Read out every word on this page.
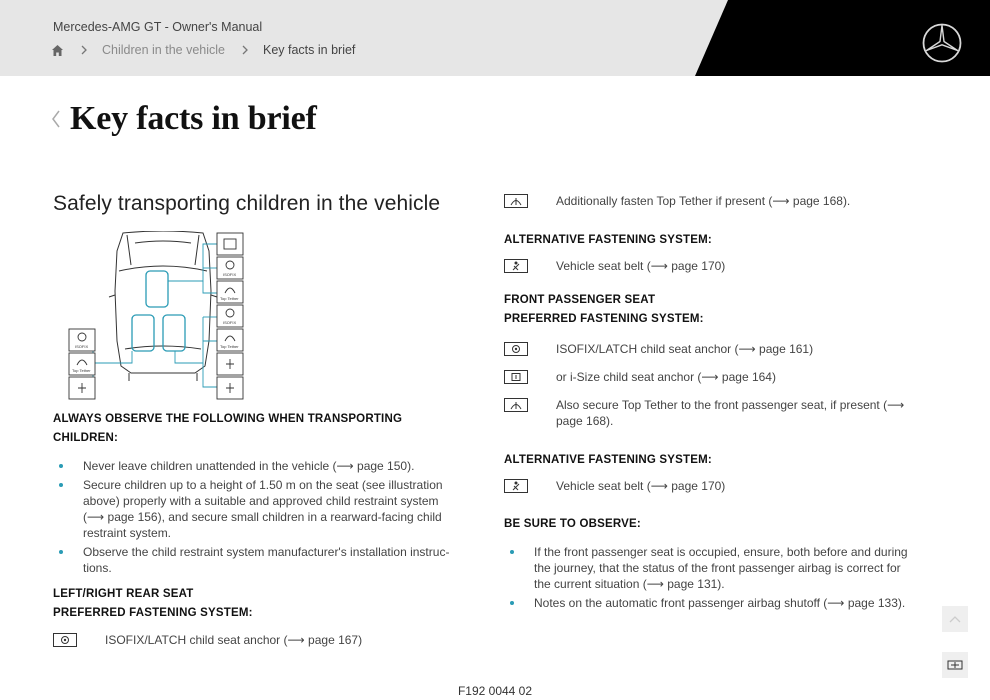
Mercedes-AMG GT - Owner's Manual
Children in the vehicle	Key facts in brief
Key facts in brief
Safely transporting children in the vehicle
ISOFIX
Top Tether
ISOFIX
Top Tether
ISOFIX
Top Tether
ALWAYS OBSERVE THE FOLLOWING WHEN TRANSPORTING CHILDREN:
Never leave children unattended in the vehicle (⟶ page 150).
Secure children up to a height of 1.50 m on the seat (see illustration above) properly with a suitable and approved child restraint system (⟶ page 156), and secure small children in a rearward-facing child restraint system.
Observe the child restraint system manufacturer's installation instructions.
LEFT/RIGHT REAR SEAT
PREFERRED FASTENING SYSTEM:
ISOFIX/LATCH child seat anchor (⟶ page 167)
Additionally fasten Top Tether if present (⟶ page 168).
ALTERNATIVE FASTENING SYSTEM:
Vehicle seat belt (⟶ page 170)
FRONT PASSENGER SEAT
PREFERRED FASTENING SYSTEM:
ISOFIX/LATCH child seat anchor (⟶ page 161)
or i-Size child seat anchor (⟶ page 164)
Also secure Top Tether to the front passenger seat, if present (⟶ page 168).
ALTERNATIVE FASTENING SYSTEM:
Vehicle seat belt (⟶ page 170)
BE SURE TO OBSERVE:
If the front passenger seat is occupied, ensure, both before and during the journey, that the status of the front passenger airbag is correct for the current situation (⟶ page 131).
Notes on the automatic front passenger airbag shutoff (⟶ page 133).
F192 0044 02
